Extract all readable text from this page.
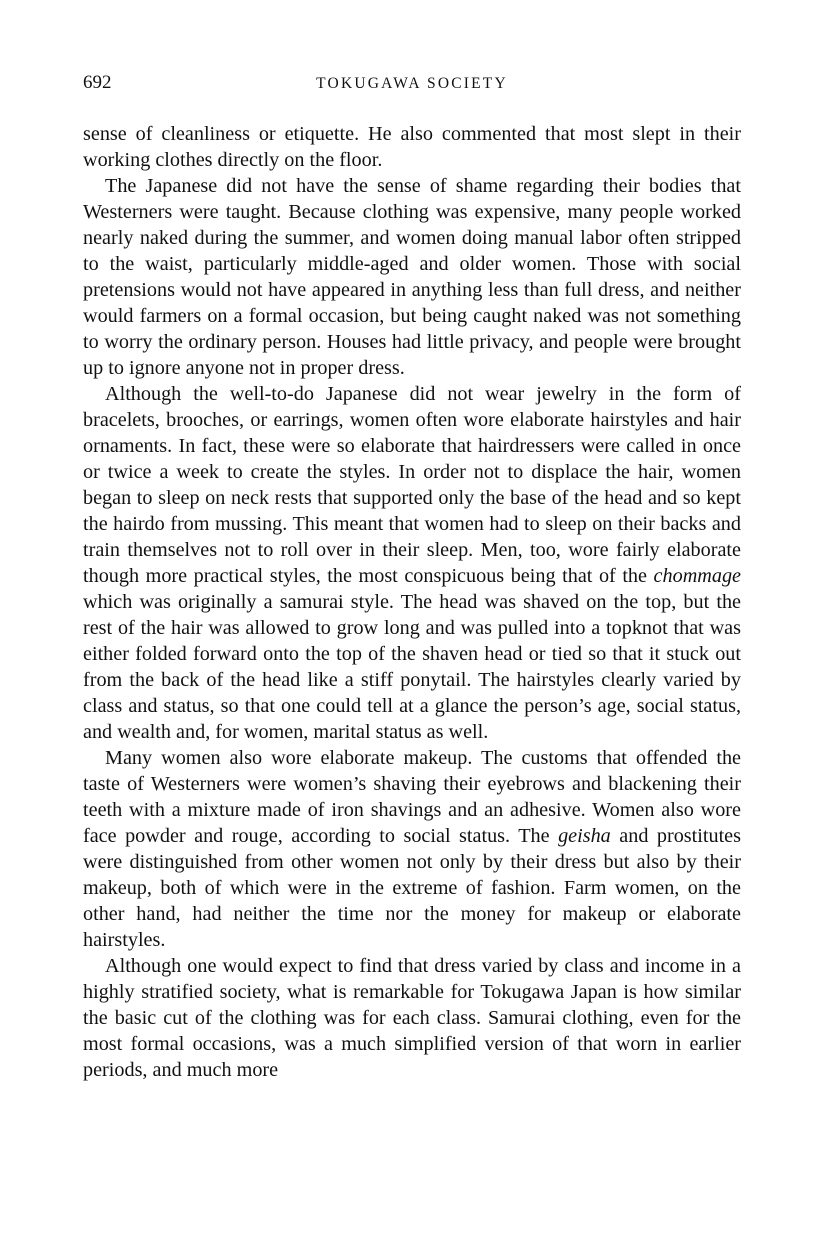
692	TOKUGAWA SOCIETY

sense of cleanliness or etiquette. He also commented that most slept in their working clothes directly on the floor.

The Japanese did not have the sense of shame regarding their bodies that Westerners were taught. Because clothing was expensive, many people worked nearly naked during the summer, and women doing manual labor often stripped to the waist, particularly middle-aged and older women. Those with social pretensions would not have appeared in anything less than full dress, and neither would farmers on a formal occasion, but being caught naked was not something to worry the ordinary person. Houses had little privacy, and people were brought up to ignore anyone not in proper dress.

Although the well-to-do Japanese did not wear jewelry in the form of bracelets, brooches, or earrings, women often wore elaborate hairstyles and hair ornaments. In fact, these were so elaborate that hairdressers were called in once or twice a week to create the styles. In order not to displace the hair, women began to sleep on neck rests that supported only the base of the head and so kept the hairdo from mussing. This meant that women had to sleep on their backs and train themselves not to roll over in their sleep. Men, too, wore fairly elaborate though more practical styles, the most conspicuous being that of the chommage which was originally a samurai style. The head was shaved on the top, but the rest of the hair was allowed to grow long and was pulled into a topknot that was either folded forward onto the top of the shaven head or tied so that it stuck out from the back of the head like a stiff ponytail. The hairstyles clearly varied by class and status, so that one could tell at a glance the person’s age, social status, and wealth and, for women, marital status as well.

Many women also wore elaborate makeup. The customs that offended the taste of Westerners were women’s shaving their eyebrows and blackening their teeth with a mixture made of iron shavings and an adhesive. Women also wore face powder and rouge, according to social status. The geisha and prostitutes were distinguished from other women not only by their dress but also by their makeup, both of which were in the extreme of fashion. Farm women, on the other hand, had neither the time nor the money for makeup or elaborate hairstyles.

Although one would expect to find that dress varied by class and income in a highly stratified society, what is remarkable for Tokugawa Japan is how similar the basic cut of the clothing was for each class. Samurai clothing, even for the most formal occasions, was a much simplified version of that worn in earlier periods, and much more
